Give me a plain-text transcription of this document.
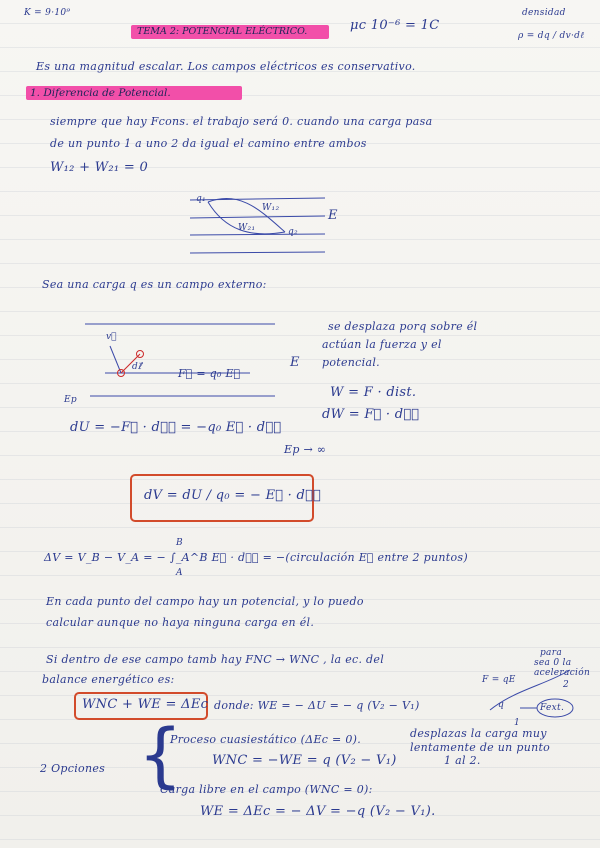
K = 9·10⁹
TEMA 2: POTENCIAL ELÉCTRICO.	μc 10⁻⁶ = 1C
densidad
ρ = dq / dv·dℓ
Es una magnitud escalar. Los campos eléctricos es conservativo.
1. Diferencia de Potencial.
siempre que hay Fcons. el trabajo será 0. cuando una carga pasa
de un punto 1 a uno 2 da igual el camino entre ambos
W₁₂ + W₂₁ = 0
q₁
W₁₂
W₂₁	q₂
E
Sea una carga q es un campo externo:
v⃗
dℓ⃗	F⃗ = q₀ E⃗
E
Ep
se desplaza porq sobre él
actúan la fuerza y el
potencial.
W = F · dist.
dW = F⃗ · dℓ⃗
dU = −F⃗ · dℓ⃗ = −q₀ E⃗ · dℓ⃗
Ep → ∞
dV = dU / q₀ = − E⃗ · dℓ⃗
ΔV = V_B − V_A = − ∫_A^B E⃗ · dℓ⃗ = −(circulación E⃗ entre 2 puntos)
B
A
En cada punto del campo hay un potencial, y lo puedo
calcular aunque no haya ninguna carga en él.
Si dentro de ese campo tamb hay FNC → WNC , la ec. del
balance energético es:
WNC + WE = ΔEc donde: WE = − ΔU = − q (V₂ − V₁)
para
sea 0 la
aceleración
F = qE	2
q	Fext.
1
2 Opciones {
Proceso cuasiestático (ΔEc = 0).	desplazas la carga muy
lentamente de un punto
1 al 2.
WNC = −WE = q (V₂ − V₁)
Carga libre en el campo (WNC = 0):
WE = ΔEc = − ΔV = −q (V₂ − V₁).
